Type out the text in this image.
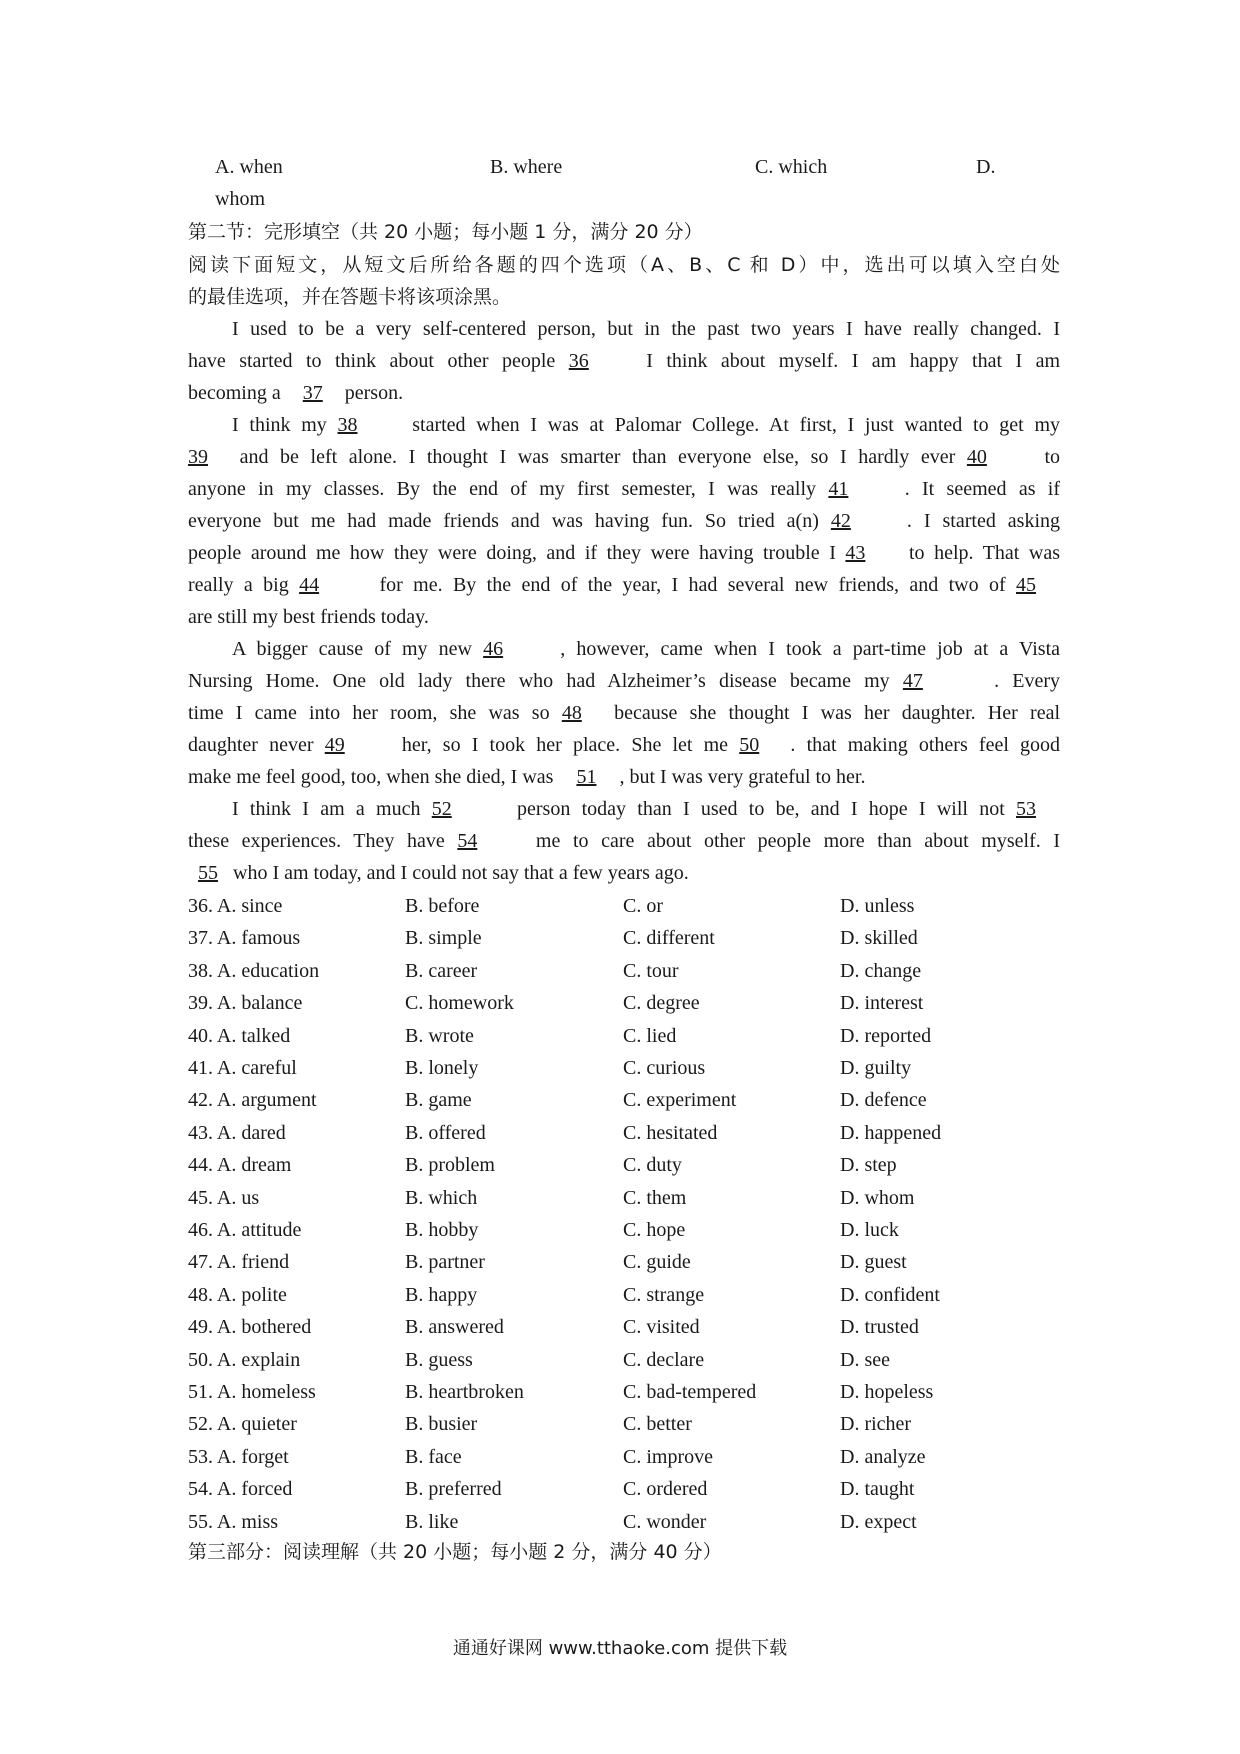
A. when	B. where	C. which	D.
whom
第二节：完形填空（共 20 小题；每小题 1 分，满分 20 分）
阅读下面短文，从短文后所给各题的四个选项（A、B、C 和 D）中，选出可以填入空白处
的最佳选项，并在答题卡将该项涂黑。
I used to be a very self-centered person, but in the past two years I have really changed. I
have started to think about other people 36	I think about myself. I am happy that I am
becoming a 37 person.
I think my 38	started when I was at Palomar College. At first, I just wanted to get my
39 and be left alone. I thought I was smarter than everyone else, so I hardly ever 40	to
anyone in my classes. By the end of my first semester, I was really 41	. It seemed as if
everyone but me had made friends and was having fun. So tried a(n) 42	. I started asking
people around me how they were doing, and if they were having trouble I 43 to help. That was
really a big 44	for me. By the end of the year, I had several new friends, and two of 45
are still my best friends today.
A bigger cause of my new 46	, however, came when I took a part-time job at a Vista
Nursing Home. One old lady there who had Alzheimer’s disease became my 47	. Every
time I came into her room, she was so 48 because she thought I was her daughter. Her real
daughter never 49	her, so I took her place. She let me 50 . that making others feel good
make me feel good, too, when she died, I was 51 , but I was very grateful to her.
I think I am a much 52	person today than I used to be, and I hope I will not 53
these experiences. They have 54	me to care about other people more than about myself. I
55 who I am today, and I could not say that a few years ago.
36. A. since	B. before	C. or	D. unless
37. A. famous	B. simple	C. different	D. skilled
38. A. education	B. career	C. tour	D. change
39. A. balance	C. homework	C. degree	D. interest
40. A. talked	B. wrote	C. lied	D. reported
41. A. careful	B. lonely	C. curious	D. guilty
42. A. argument	B. game	C. experiment	D. defence
43. A. dared	B. offered	C. hesitated	D. happened
44. A. dream	B. problem	C. duty	D. step
45. A. us	B. which	C. them	D. whom
46. A. attitude	B. hobby	C. hope	D. luck
47. A. friend	B. partner	C. guide	D. guest
48. A. polite	B. happy	C. strange	D. confident
49. A. bothered	B. answered	C. visited	D. trusted
50. A. explain	B. guess	C. declare	D. see
51. A. homeless	B. heartbroken	C. bad-tempered	D. hopeless
52. A. quieter	B. busier	C. better	D. richer
53. A. forget	B. face	C. improve	D. analyze
54. A. forced	B. preferred	C. ordered	D. taught
55. A. miss	B. like	C. wonder	D. expect
第三部分：阅读理解（共 20 小题；每小题 2 分，满分 40 分）
通通好课网 www.tthaoke.com 提供下载
